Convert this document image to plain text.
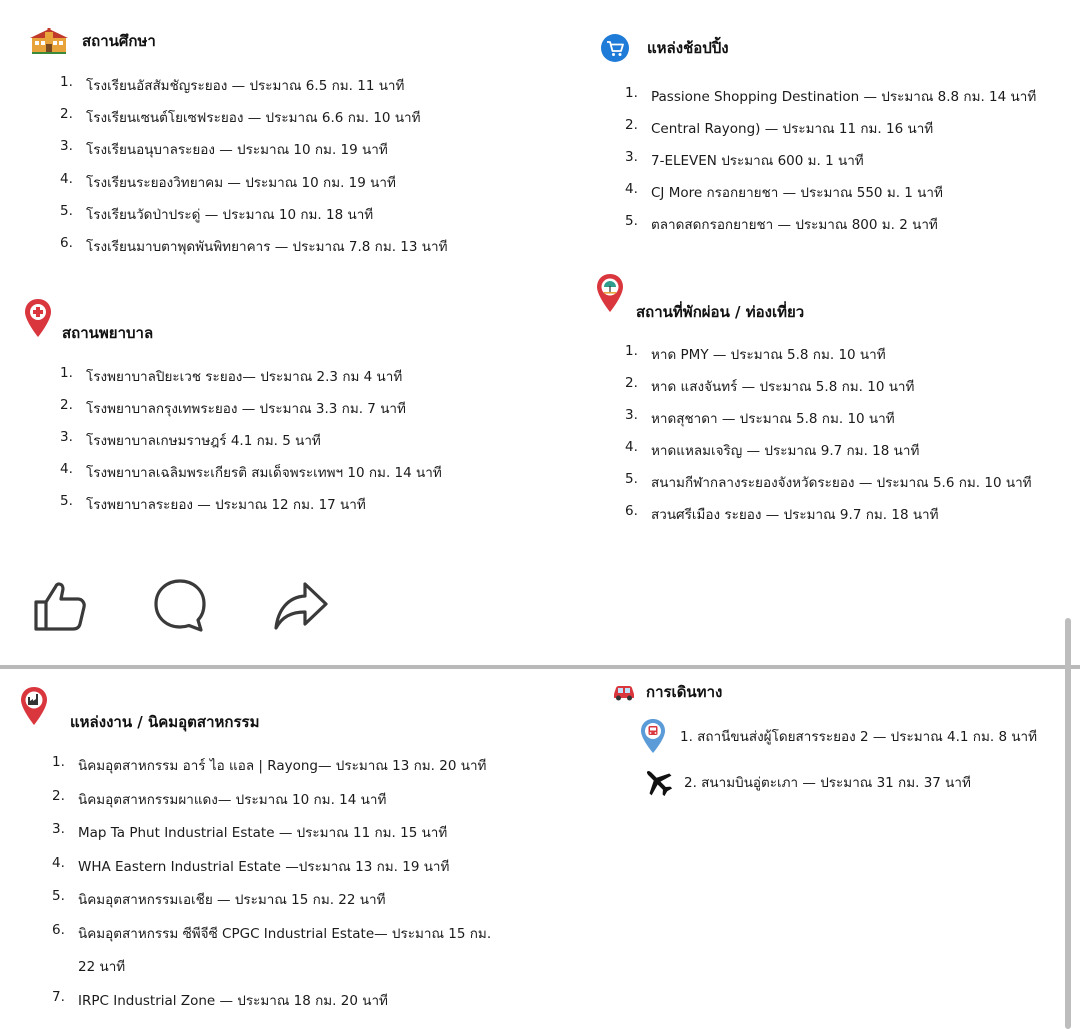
สถานศึกษา
1. โรงเรียนอัสสัมชัญระยอง — ประมาณ 6.5 กม. 11 นาที
2. โรงเรียนเซนต์โยเซฟระยอง — ประมาณ 6.6 กม. 10 นาที
3. โรงเรียนอนุบาลระยอง — ประมาณ 10 กม. 19 นาที
4. โรงเรียนระยองวิทยาคม — ประมาณ 10 กม. 19 นาที
5. โรงเรียนวัดป่าประดู่ — ประมาณ 10 กม. 18 นาที
6. โรงเรียนมาบตาพุดพันพิทยาคาร — ประมาณ 7.8 กม. 13 นาที
สถานพยาบาล
1. โรงพยาบาลปิยะเวช ระยอง— ประมาณ 2.3 กม 4 นาที
2. โรงพยาบาลกรุงเทพระยอง — ประมาณ 3.3 กม. 7 นาที
3. โรงพยาบาลเกษมราษฎร์ 4.1 กม. 5 นาที
4. โรงพยาบาลเฉลิมพระเกียรติ สมเด็จพระเทพฯ 10 กม. 14 นาที
5. โรงพยาบาลระยอง — ประมาณ 12 กม. 17 นาที
แหล่งช้อปปิ้ง
1. Passione Shopping Destination — ประมาณ 8.8 กม. 14 นาที
2. Central Rayong) — ประมาณ 11 กม. 16 นาที
3. 7-ELEVEN ประมาณ 600 ม. 1 นาที
4. CJ More กรอกยายชา — ประมาณ 550 ม. 1 นาที
5. ตลาดสดกรอกยายชา — ประมาณ 800 ม. 2 นาที
สถานที่พักผ่อน / ท่องเที่ยว
1. หาด PMY — ประมาณ 5.8 กม. 10 นาที
2. หาด แสงจันทร์ — ประมาณ 5.8 กม. 10 นาที
3. หาดสุชาดา — ประมาณ 5.8 กม. 10 นาที
4. หาดแหลมเจริญ — ประมาณ 9.7 กม. 18 นาที
5. สนามกีฬากลางระยองจังหวัดระยอง — ประมาณ 5.6 กม. 10 นาที
6. สวนศรีเมือง ระยอง — ประมาณ 9.7 กม. 18 นาที
แหล่งงาน / นิคมอุตสาหกรรม
1. นิคมอุตสาหกรรม อาร์ ไอ แอล | Rayong— ประมาณ 13 กม. 20 นาที
2. นิคมอุตสาหกรรมผาแดง— ประมาณ 10 กม. 14 นาที
3. Map Ta Phut Industrial Estate — ประมาณ 11 กม. 15 นาที
4. WHA Eastern Industrial Estate —ประมาณ 13 กม. 19 นาที
5. นิคมอุตสาหกรรมเอเชีย — ประมาณ 15 กม. 22 นาที
6. นิคมอุตสาหกรรม ซีพีจีซี CPGC Industrial Estate— ประมาณ 15 กม.
22 นาที
7. IRPC Industrial Zone — ประมาณ 18 กม. 20 นาที
การเดินทาง
1. สถานีขนส่งผู้โดยสารระยอง 2 — ประมาณ 4.1 กม. 8 นาที
2. สนามบินอู่ตะเภา — ประมาณ 31 กม. 37 นาที
